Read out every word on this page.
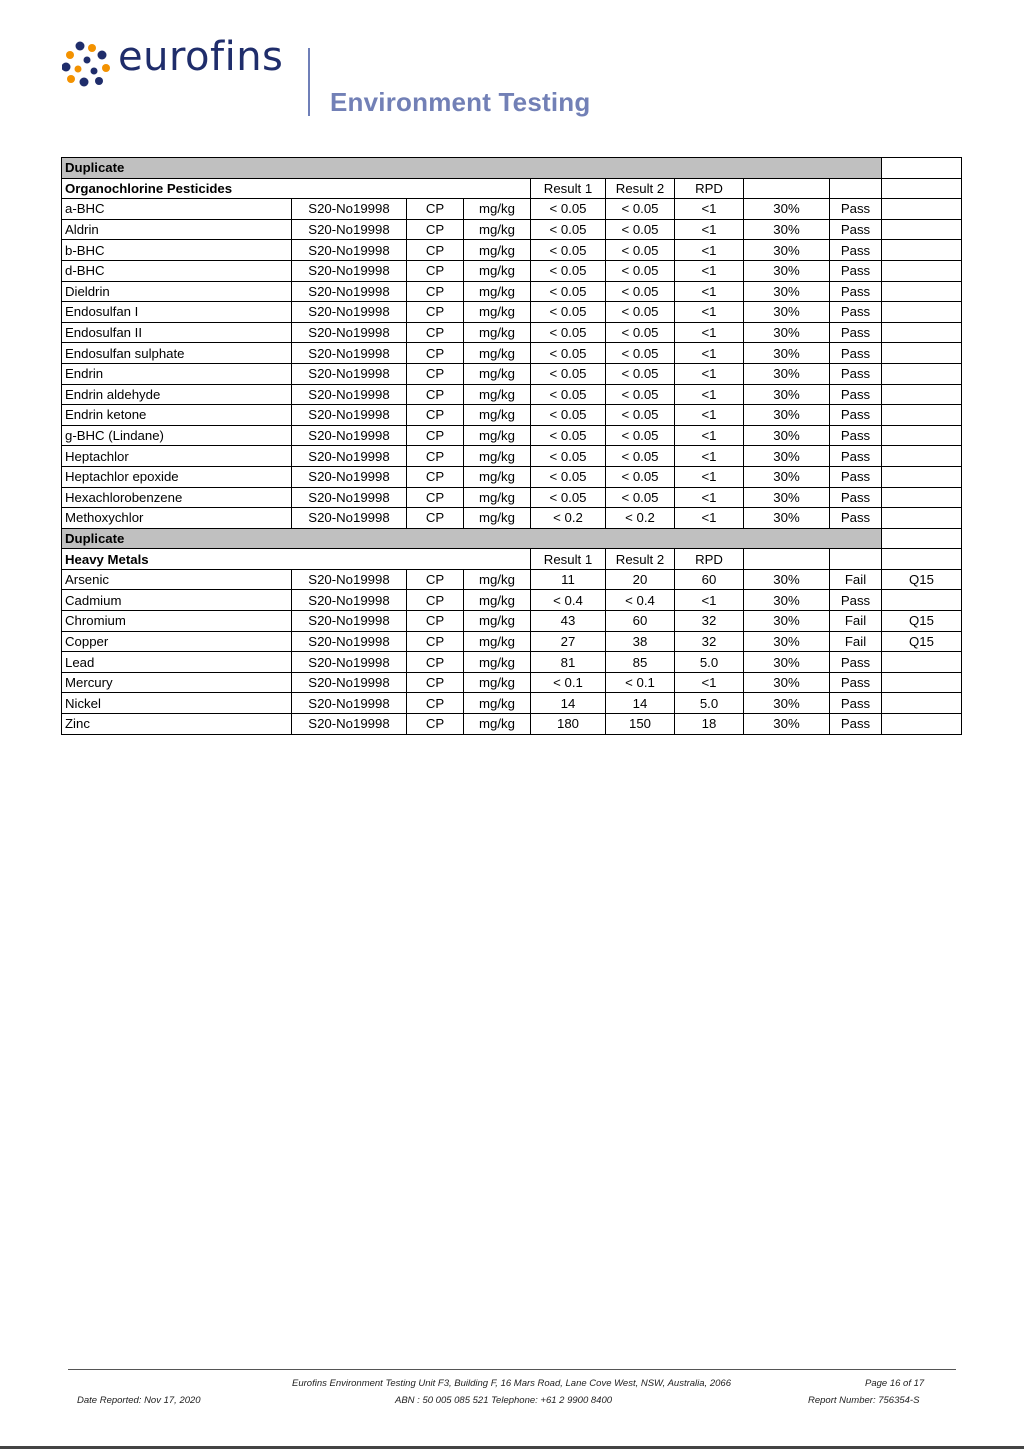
eurofins
Environment Testing
Duplicate									
Organochlorine Pesticides				Result 1	Result 2	RPD			
a-BHC	S20-No19998	CP	mg/kg	< 0.05	< 0.05	<1	30%	Pass	
Aldrin	S20-No19998	CP	mg/kg	< 0.05	< 0.05	<1	30%	Pass	
b-BHC	S20-No19998	CP	mg/kg	< 0.05	< 0.05	<1	30%	Pass	
d-BHC	S20-No19998	CP	mg/kg	< 0.05	< 0.05	<1	30%	Pass	
Dieldrin	S20-No19998	CP	mg/kg	< 0.05	< 0.05	<1	30%	Pass	
Endosulfan I	S20-No19998	CP	mg/kg	< 0.05	< 0.05	<1	30%	Pass	
Endosulfan II	S20-No19998	CP	mg/kg	< 0.05	< 0.05	<1	30%	Pass	
Endosulfan sulphate	S20-No19998	CP	mg/kg	< 0.05	< 0.05	<1	30%	Pass	
Endrin	S20-No19998	CP	mg/kg	< 0.05	< 0.05	<1	30%	Pass	
Endrin aldehyde	S20-No19998	CP	mg/kg	< 0.05	< 0.05	<1	30%	Pass	
Endrin ketone	S20-No19998	CP	mg/kg	< 0.05	< 0.05	<1	30%	Pass	
g-BHC (Lindane)	S20-No19998	CP	mg/kg	< 0.05	< 0.05	<1	30%	Pass	
Heptachlor	S20-No19998	CP	mg/kg	< 0.05	< 0.05	<1	30%	Pass	
Heptachlor epoxide	S20-No19998	CP	mg/kg	< 0.05	< 0.05	<1	30%	Pass	
Hexachlorobenzene	S20-No19998	CP	mg/kg	< 0.05	< 0.05	<1	30%	Pass	
Methoxychlor	S20-No19998	CP	mg/kg	< 0.2	< 0.2	<1	30%	Pass	
Duplicate									
Heavy Metals				Result 1	Result 2	RPD			
Arsenic	S20-No19998	CP	mg/kg	11	20	60	30%	Fail	Q15
Cadmium	S20-No19998	CP	mg/kg	< 0.4	< 0.4	<1	30%	Pass	
Chromium	S20-No19998	CP	mg/kg	43	60	32	30%	Fail	Q15
Copper	S20-No19998	CP	mg/kg	27	38	32	30%	Fail	Q15
Lead	S20-No19998	CP	mg/kg	81	85	5.0	30%	Pass	
Mercury	S20-No19998	CP	mg/kg	< 0.1	< 0.1	<1	30%	Pass	
Nickel	S20-No19998	CP	mg/kg	14	14	5.0	30%	Pass	
Zinc	S20-No19998	CP	mg/kg	180	150	18	30%	Pass	
Eurofins Environment Testing Unit F3, Building F, 16 Mars Road, Lane Cove West, NSW, Australia, 2066	Page 16 of 17
Date Reported: Nov 17, 2020	ABN : 50 005 085 521 Telephone: +61 2 9900 8400	Report Number: 756354-S
